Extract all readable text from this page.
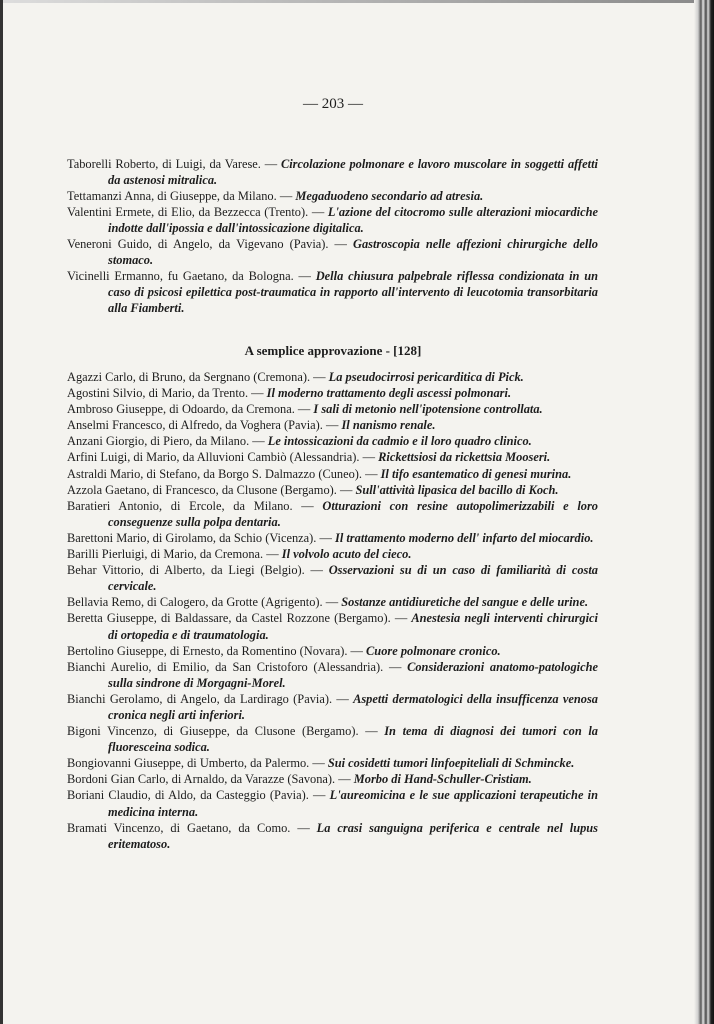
— 203 —

Taborelli Roberto, di Luigi, da Varese. — Circolazione polmonare e lavoro muscolare in soggetti affetti da astenosi mitralica.

Tettamanzi Anna, di Giuseppe, da Milano. — Megaduodeno secondario ad atresia.

Valentini Ermete, di Elio, da Bezzecca (Trento). — L'azione del citocromo sulle alterazioni miocardiche indotte dall'ipossia e dall'intossicazione digitalica.

Veneroni Guido, di Angelo, da Vigevano (Pavia). — Gastroscopia nelle affezioni chirurgiche dello stomaco.

Vicinelli Ermanno, fu Gaetano, da Bologna. — Della chiusura palpebrale riflessa condizionata in un caso di psicosi epilettica post-traumatica in rapporto all'intervento di leucotomia transorbitaria alla Fiamberti.

A semplice approvazione - [128]

Agazzi Carlo, di Bruno, da Sergnano (Cremona). — La pseudocirrosi pericarditica di Pick.

Agostini Silvio, di Mario, da Trento. — Il moderno trattamento degli ascessi polmonari.

Ambroso Giuseppe, di Odoardo, da Cremona. — I sali di metonio nell'ipotensione controllata.

Anselmi Francesco, di Alfredo, da Voghera (Pavia). — Il nanismo renale.

Anzani Giorgio, di Piero, da Milano. — Le intossicazioni da cadmio e il loro quadro clinico.

Arfini Luigi, di Mario, da Alluvioni Cambiò (Alessandria). — Rickettsiosi da rickettsia Mooseri.

Astraldi Mario, di Stefano, da Borgo S. Dalmazzo (Cuneo). — Il tifo esantematico di genesi murina.

Azzola Gaetano, di Francesco, da Clusone (Bergamo). — Sull'attività lipasica del bacillo di Koch.

Baratieri Antonio, di Ercole, da Milano. — Otturazioni con resine autopolimerizzabili e loro conseguenze sulla polpa dentaria.

Barettoni Mario, di Girolamo, da Schio (Vicenza). — Il trattamento moderno dell' infarto del miocardio.

Barilli Pierluigi, di Mario, da Cremona. — Il volvolo acuto del cieco.

Behar Vittorio, di Alberto, da Liegi (Belgio). — Osservazioni su di un caso di familiarità di costa cervicale.

Bellavia Remo, di Calogero, da Grotte (Agrigento). — Sostanze antidiuretiche del sangue e delle urine.

Beretta Giuseppe, di Baldassare, da Castel Rozzone (Bergamo). — Anestesia negli interventi chirurgici di ortopedia e di traumatologia.

Bertolino Giuseppe, di Ernesto, da Romentino (Novara). — Cuore polmonare cronico.

Bianchi Aurelio, di Emilio, da San Cristoforo (Alessandria). — Considerazioni anatomo-patologiche sulla sindrone di Morgagni-Morel.

Bianchi Gerolamo, di Angelo, da Lardirago (Pavia). — Aspetti dermatologici della insufficenza venosa cronica negli arti inferiori.

Bigoni Vincenzo, di Giuseppe, da Clusone (Bergamo). — In tema di diagnosi dei tumori con la fluoresceina sodica.

Bongiovanni Giuseppe, di Umberto, da Palermo. — Sui cosidetti tumori linfoepiteliali di Schmincke.

Bordoni Gian Carlo, di Arnaldo, da Varazze (Savona). — Morbo di Hand-Schuller-Cristiam.

Boriani Claudio, di Aldo, da Casteggio (Pavia). — L'aureomicina e le sue applicazioni terapeutiche in medicina interna.

Bramati Vincenzo, di Gaetano, da Como. — La crasi sanguigna periferica e centrale nel lupus eritematoso.
